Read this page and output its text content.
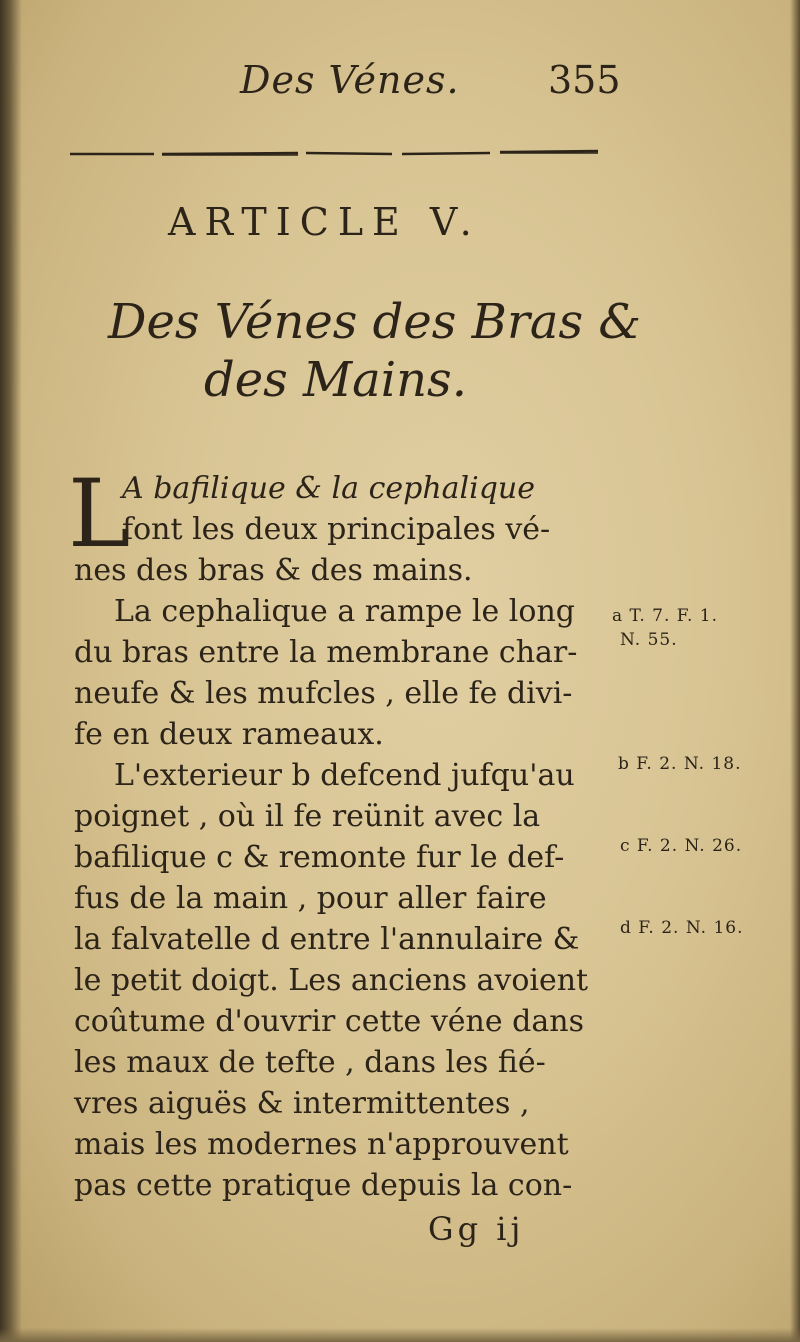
Des Vénes. 355
ARTICLE V.
Des Vénes des Bras &
des Mains.
L
A bafilique & la cephalique
font les deux principales vé-
nes des bras & des mains.
La cephalique a rampe le long
du bras entre la membrane char-
neufe & les mufcles , elle fe divi-
fe en deux rameaux.
L'exterieur b defcend jufqu'au
poignet , où il fe reünit avec la
bafilique c & remonte fur le def-
fus de la main , pour aller faire
la falvatelle d entre l'annulaire &
le petit doigt. Les anciens avoient
coûtume d'ouvrir cette véne dans
les maux de tefte , dans les fié-
vres aiguës & intermittentes ,
mais les modernes n'approuvent
pas cette pratique depuis la con-
a T. 7. F. 1.
N. 55.
b F. 2. N. 18.
c F. 2. N. 26.
d F. 2. N. 16.
Gg ij
